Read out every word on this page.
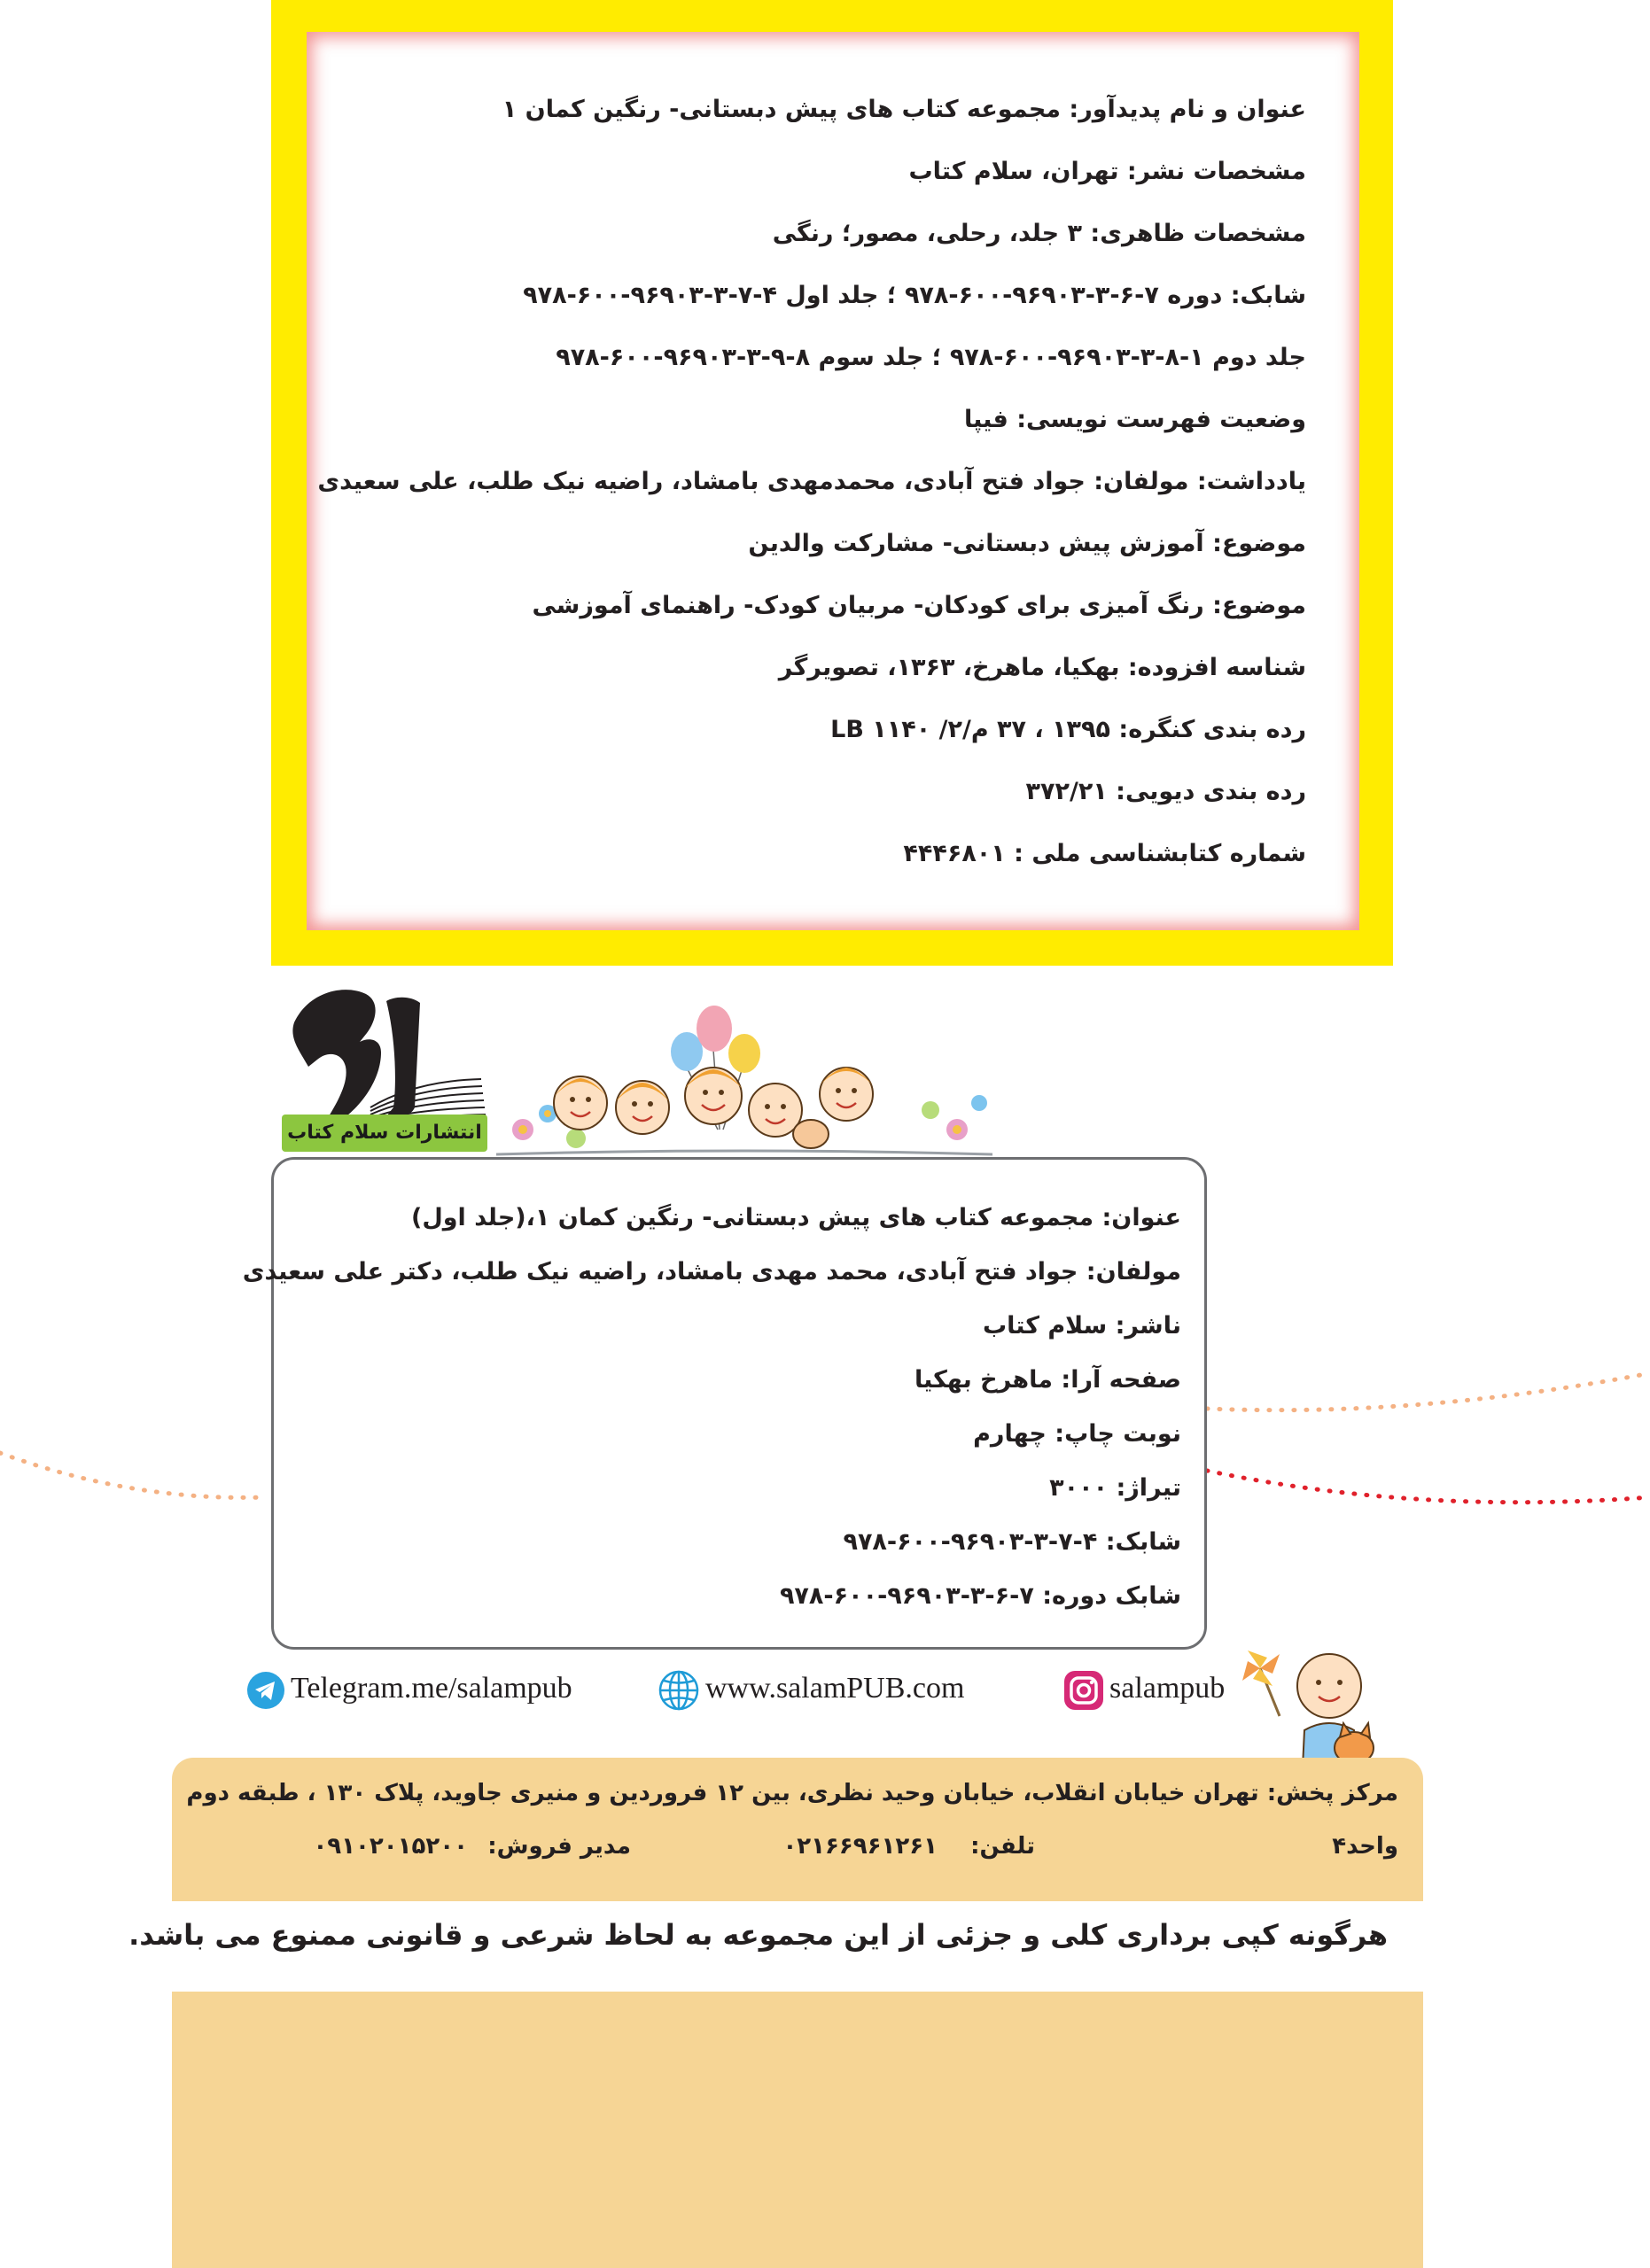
عنوان و نام پدیدآور: مجموعه کتاب های پیش دبستانی- رنگین کمان ۱
مشخصات نشر: تهران، سلام کتاب
مشخصات ظاهری: ۳ جلد، رحلی، مصور؛ رنگی
شابک: دوره ۷-۶-۳-۹۶۹۰۳-۶۰۰-۹۷۸ ؛ جلد اول ۴-۷-۳-۹۶۹۰۳-۶۰۰-۹۷۸
جلد دوم ۱-۸-۳-۹۶۹۰۳-۶۰۰-۹۷۸ ؛ جلد سوم ۸-۹-۳-۹۶۹۰۳-۶۰۰-۹۷۸
وضعیت فهرست نویسی: فیپا
یادداشت: مولفان: جواد فتح آبادی، محمدمهدی بامشاد، راضیه نیک طلب، علی سعیدی
موضوع: آموزش پیش دبستانی- مشارکت والدین
موضوع: رنگ آمیزی برای کودکان- مربیان کودک- راهنمای آموزشی
شناسه افزوده: بهکیا، ماهرخ، ۱۳۶۳، تصویرگر
رده بندی کنگره: ۱۳۹۵ ، ۳۷ م/۲/ LB ۱۱۴۰
رده بندی دیویی: ۳۷۲/۲۱
شماره کتابشناسی ملی : ۴۴۴۶۸۰۱
انتشارات سلام کتاب
عنوان: مجموعه کتاب های پیش دبستانی- رنگین کمان ۱،(جلد اول)
مولفان: جواد فتح آبادی، محمد مهدی بامشاد، راضیه نیک طلب، دکتر علی سعیدی
ناشر: سلام کتاب
صفحه آرا: ماهرخ بهکیا
نوبت چاپ: چهارم
تیراژ: ۳۰۰۰
شابک: ۴-۷-۳-۹۶۹۰۳-۶۰۰-۹۷۸
شابک دوره: ۷-۶-۳-۹۶۹۰۳-۶۰۰-۹۷۸
Telegram.me/salampub	www.salamPUB.com	salampub
مرکز پخش: تهران خیابان انقلاب، خیابان وحید نظری، بین ۱۲ فروردین و منیری جاوید، پلاک ۱۳۰ ، طبقه دوم
واحد۴
تلفن:
۰۲۱۶۶۹۶۱۲۶۱
مدیر فروش:
۰۹۱۰۲۰۱۵۲۰۰
هرگونه کپی برداری کلی و جزئی از این مجموعه به لحاظ شرعی و قانونی ممنوع می باشد.
